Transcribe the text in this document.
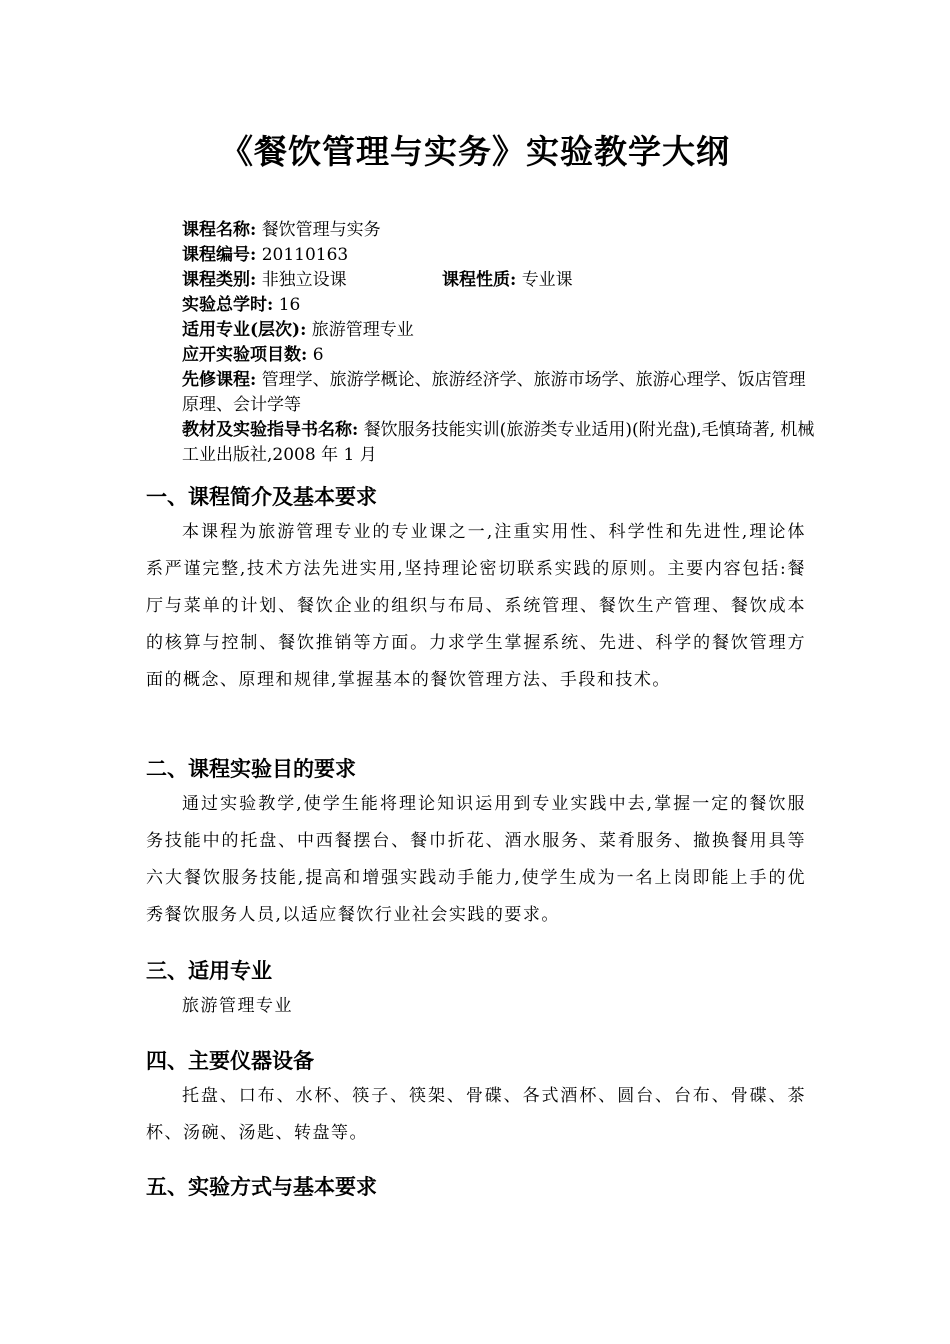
《餐饮管理与实务》实验教学大纲
课程名称: 餐饮管理与实务
课程编号: 20110163
课程类别: 非独立设课	课程性质: 专业课
实验总学时: 16
适用专业(层次): 旅游管理专业
应开实验项目数: 6
先修课程: 管理学、旅游学概论、旅游经济学、旅游市场学、旅游心理学、饭店管理原理、会计学等
教材及实验指导书名称: 餐饮服务技能实训(旅游类专业适用)(附光盘),毛慎琦著, 机械工业出版社,2008 年 1 月
一、课程简介及基本要求
本课程为旅游管理专业的专业课之一,注重实用性、科学性和先进性,理论体系严谨完整,技术方法先进实用,坚持理论密切联系实践的原则。主要内容包括:餐厅与菜单的计划、餐饮企业的组织与布局、系统管理、餐饮生产管理、餐饮成本的核算与控制、餐饮推销等方面。力求学生掌握系统、先进、科学的餐饮管理方面的概念、原理和规律,掌握基本的餐饮管理方法、手段和技术。
二、课程实验目的要求
通过实验教学,使学生能将理论知识运用到专业实践中去,掌握一定的餐饮服务技能中的托盘、中西餐摆台、餐巾折花、酒水服务、菜肴服务、撤换餐用具等六大餐饮服务技能,提高和增强实践动手能力,使学生成为一名上岗即能上手的优秀餐饮服务人员,以适应餐饮行业社会实践的要求。
三、适用专业
旅游管理专业
四、主要仪器设备
托盘、口布、水杯、筷子、筷架、骨碟、各式酒杯、圆台、台布、骨碟、茶杯、汤碗、汤匙、转盘等。
五、实验方式与基本要求
